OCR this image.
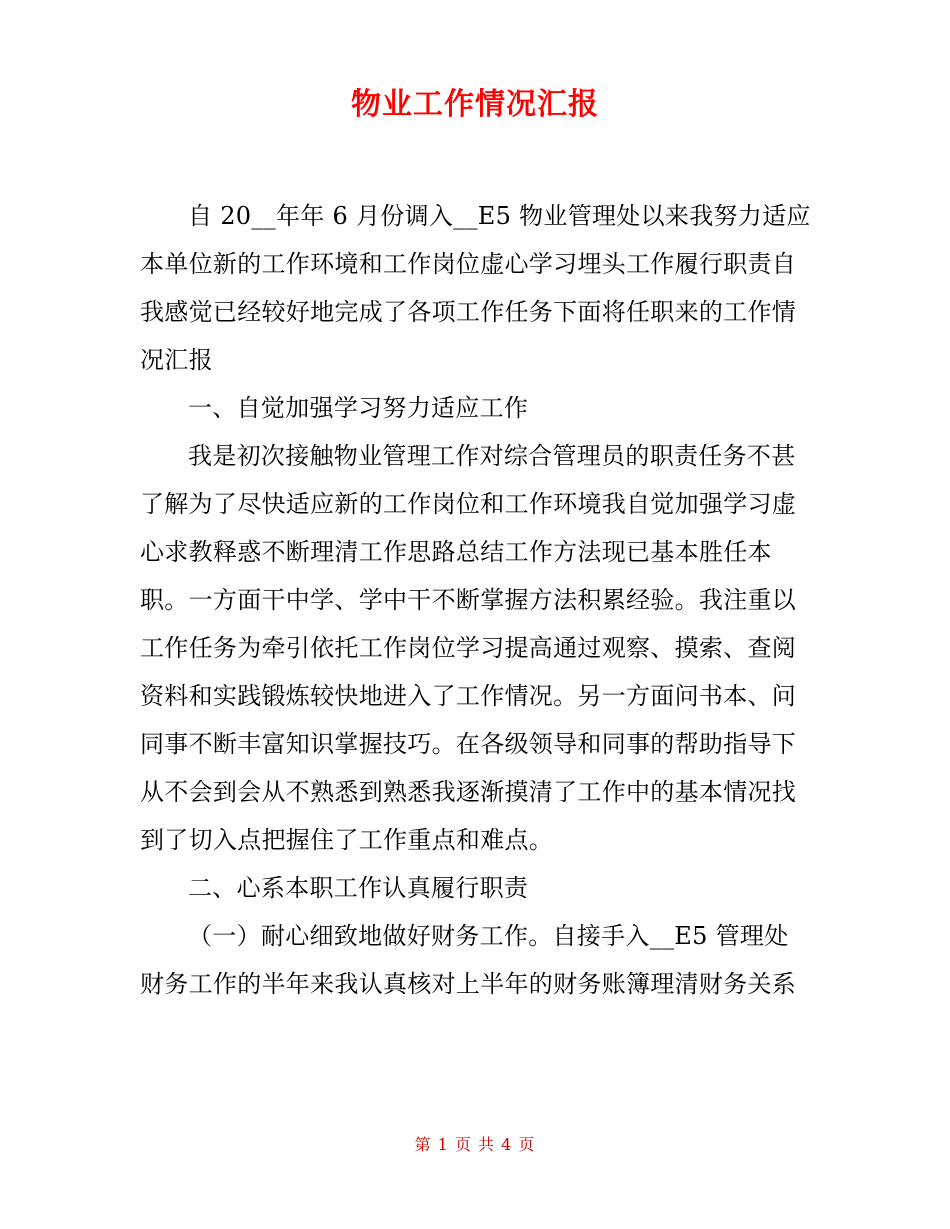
物业工作情况汇报
自 20__年年 6 月份调入__E5 物业管理处以来我努力适应
本单位新的工作环境和工作岗位虚心学习埋头工作履行职责自
我感觉已经较好地完成了各项工作任务下面将任职来的工作情
况汇报
一、自觉加强学习努力适应工作
我是初次接触物业管理工作对综合管理员的职责任务不甚
了解为了尽快适应新的工作岗位和工作环境我自觉加强学习虚
心求教释惑不断理清工作思路总结工作方法现已基本胜任本
职。一方面干中学、学中干不断掌握方法积累经验。我注重以
工作任务为牵引依托工作岗位学习提高通过观察、摸索、查阅
资料和实践锻炼较快地进入了工作情况。另一方面问书本、问
同事不断丰富知识掌握技巧。在各级领导和同事的帮助指导下
从不会到会从不熟悉到熟悉我逐渐摸清了工作中的基本情况找
到了切入点把握住了工作重点和难点。
二、心系本职工作认真履行职责
（一）耐心细致地做好财务工作。自接手入__E5 管理处
财务工作的半年来我认真核对上半年的财务账簿理清财务关系
第 1 页 共 4 页
